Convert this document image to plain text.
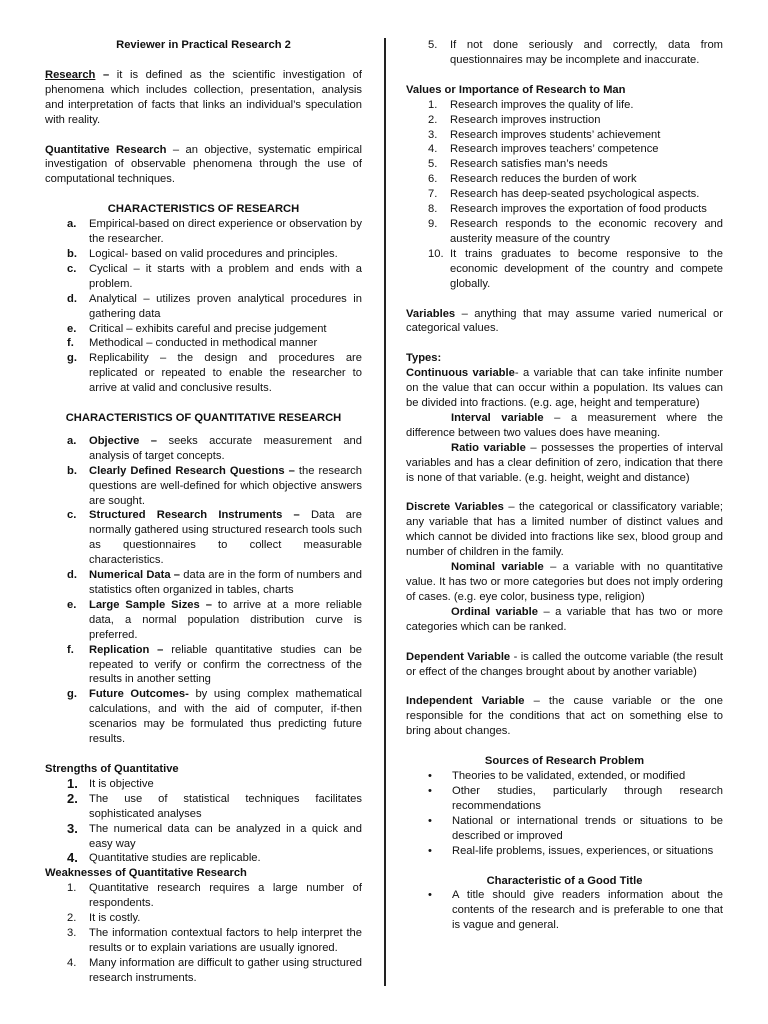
Reviewer in Practical Research 2
Research – it is defined as the scientific investigation of phenomena which includes collection, presentation, analysis and interpretation of facts that links an individual’s speculation with reality.
Quantitative Research – an objective, systematic empirical investigation of observable phenomena through the use of computational techniques.
CHARACTERISTICS OF RESEARCH
a.	Empirical-based on direct experience or observation by the researcher.
b.	Logical- based on valid procedures and principles.
c.	Cyclical – it starts with a problem and ends with a problem.
d.	Analytical – utilizes proven analytical procedures in gathering data
e.	Critical – exhibits careful and precise judgement
f.	Methodical – conducted in methodical manner
g.	Replicability – the design and procedures are replicated or repeated to enable the researcher to arrive at valid and conclusive results.
CHARACTERISTICS OF QUANTITATIVE RESEARCH
a.	Objective – seeks accurate measurement and analysis of target concepts.
b.	Clearly Defined Research Questions – the research questions are well-defined for which objective answers are sought.
c.	Structured Research Instruments – Data are normally gathered using structured research tools such as questionnaires to collect measurable characteristics.
d.	Numerical Data – data are in the form of numbers and statistics often organized in tables, charts
e.	Large Sample Sizes – to arrive at a more reliable data, a normal population distribution curve is preferred.
f.	Replication – reliable quantitative studies can be repeated to verify or confirm the correctness of the results in another setting
g.	Future Outcomes- by using complex mathematical calculations, and with the aid of computer, if-then scenarios may be formulated thus predicting future results.
Strengths of Quantitative
1. It is objective
2. The use of statistical techniques facilitates sophisticated analyses
3. The numerical data can be analyzed in a quick and easy way
4. Quantitative studies are replicable.
Weaknesses of Quantitative Research
1.	Quantitative research requires a large number of respondents.
2.	It is costly.
3.	The information contextual factors to help interpret the results or to explain variations are usually ignored.
4.	Many information are difficult to gather using structured research instruments.
5.	If not done seriously and correctly, data from questionnaires may be incomplete and inaccurate.
Values or Importance of Research to Man
1.	Research improves the quality of life.
2.	Research improves instruction
3.	Research improves students’ achievement
4.	Research improves teachers’ competence
5.	Research satisfies man’s needs
6.	Research reduces the burden of work
7.	Research has deep-seated psychological aspects.
8.	Research improves the exportation of food products
9.	Research responds to the economic recovery and austerity measure of the country
10. It trains graduates to become responsive to the economic development of the country and compete globally.
Variables – anything that may assume varied numerical or categorical values.
Types:
Continuous variable- a variable that can take infinite number on the value that can occur within a population. Its values can be divided into fractions. (e.g. age, height and temperature)
Interval variable – a measurement where the difference between two values does have meaning.
Ratio variable – possesses the properties of interval variables and has a clear definition of zero, indication that there is none of that variable. (e.g. height, weight and distance)
Discrete Variables – the categorical or classificatory variable; any variable that has a limited number of distinct values and which cannot be divided into fractions like sex, blood group and number of children in the family.
Nominal variable – a variable with no quantitative value. It has two or more categories but does not imply ordering of cases. (e.g. eye color, business type, religion)
Ordinal variable – a variable that has two or more categories which can be ranked.
Dependent Variable - is called the outcome variable (the result or effect of the changes brought about by another variable)
Independent Variable – the cause variable or the one responsible for the conditions that act on something else to bring about changes.
Sources of Research Problem
•	Theories to be validated, extended, or modified
•	Other studies, particularly through research recommendations
•	National or international trends or situations to be described or improved
•	Real-life problems, issues, experiences, or situations
Characteristic of a Good Title
•	A title should give readers information about the contents of the research and is preferable to one that is vague and general.
